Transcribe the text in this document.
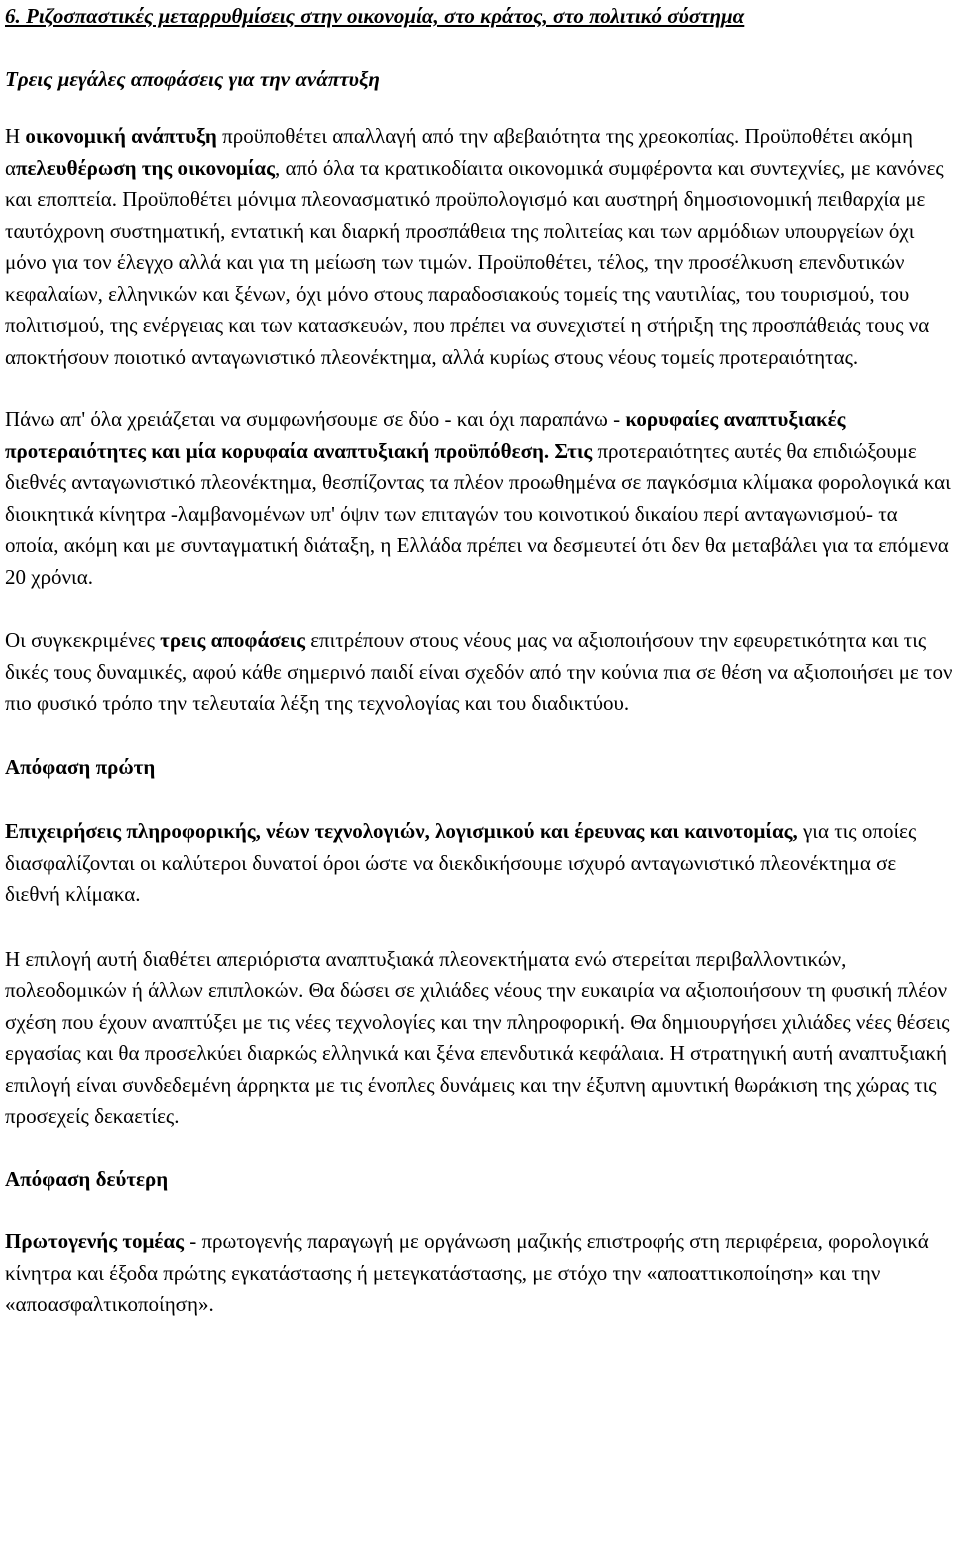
6. Ριζοσπαστικές μεταρρυθμίσεις στην οικονομία, στο κράτος, στο πολιτικό σύστημα

Τρεις μεγάλες αποφάσεις για την ανάπτυξη

Η οικονομική ανάπτυξη προϋποθέτει απαλλαγή από την αβεβαιότητα της χρεοκοπίας. Προϋποθέτει ακόμη απελευθέρωση της οικονομίας, από όλα τα κρατικοδίαιτα οικονομικά συμφέροντα και συντεχνίες, με κανόνες και εποπτεία. Προϋποθέτει μόνιμα πλεονασματικό προϋπολογισμό και αυστηρή δημοσιονομική πειθαρχία με ταυτόχρονη συστηματική, εντατική και διαρκή προσπάθεια της πολιτείας και των αρμόδιων υπουργείων όχι μόνο για τον έλεγχο αλλά και για τη μείωση των τιμών. Προϋποθέτει, τέλος, την προσέλκυση επενδυτικών κεφαλαίων, ελληνικών και ξένων, όχι μόνο στους παραδοσιακούς τομείς της ναυτιλίας, του τουρισμού, του πολιτισμού, της ενέργειας και των κατασκευών, που πρέπει να συνεχιστεί η στήριξη της προσπάθειάς τους να αποκτήσουν ποιοτικό ανταγωνιστικό πλεονέκτημα, αλλά κυρίως στους νέους τομείς προτεραιότητας.

Πάνω απ' όλα χρειάζεται να συμφωνήσουμε σε δύο - και όχι παραπάνω - κορυφαίες αναπτυξιακές προτεραιότητες και μία κορυφαία αναπτυξιακή προϋπόθεση. Στις προτεραιότητες αυτές θα επιδιώξουμε διεθνές ανταγωνιστικό πλεονέκτημα, θεσπίζοντας τα πλέον προωθημένα σε παγκόσμια κλίμακα φορολογικά και διοικητικά κίνητρα -λαμβανομένων υπ' όψιν των επιταγών του κοινοτικού δικαίου περί ανταγωνισμού- τα οποία, ακόμη και με συνταγματική διάταξη, η Ελλάδα πρέπει να δεσμευτεί ότι δεν θα μεταβάλει για τα επόμενα 20 χρόνια.

Οι συγκεκριμένες τρεις αποφάσεις επιτρέπουν στους νέους μας να αξιοποιήσουν την εφευρετικότητα και τις δικές τους δυναμικές, αφού κάθε σημερινό παιδί είναι σχεδόν από την κούνια πια σε θέση να αξιοποιήσει με τον πιο φυσικό τρόπο την τελευταία λέξη της τεχνολογίας και του διαδικτύου.

Απόφαση πρώτη

Επιχειρήσεις πληροφορικής, νέων τεχνολογιών, λογισμικού και έρευνας και καινοτομίας, για τις οποίες διασφαλίζονται οι καλύτεροι δυνατοί όροι ώστε να διεκδικήσουμε ισχυρό ανταγωνιστικό πλεονέκτημα σε διεθνή κλίμακα.

Η επιλογή αυτή διαθέτει απεριόριστα αναπτυξιακά πλεονεκτήματα ενώ στερείται περιβαλλοντικών, πολεοδομικών ή άλλων επιπλοκών. Θα δώσει σε χιλιάδες νέους την ευκαιρία να αξιοποιήσουν τη φυσική πλέον σχέση που έχουν αναπτύξει με τις νέες τεχνολογίες και την πληροφορική. Θα δημιουργήσει χιλιάδες νέες θέσεις εργασίας και θα προσελκύει διαρκώς ελληνικά και ξένα επενδυτικά κεφάλαια. Η στρατηγική αυτή αναπτυξιακή επιλογή είναι συνδεδεμένη άρρηκτα με τις ένοπλες δυνάμεις και την έξυπνη αμυντική θωράκιση της χώρας τις προσεχείς δεκαετίες.

Απόφαση δεύτερη

Πρωτογενής τομέας - πρωτογενής παραγωγή με οργάνωση μαζικής επιστροφής στη περιφέρεια, φορολογικά κίνητρα και έξοδα πρώτης εγκατάστασης ή μετεγκατάστασης, με στόχο την «αποαττικοποίηση» και την «αποασφαλτικοποίηση».
